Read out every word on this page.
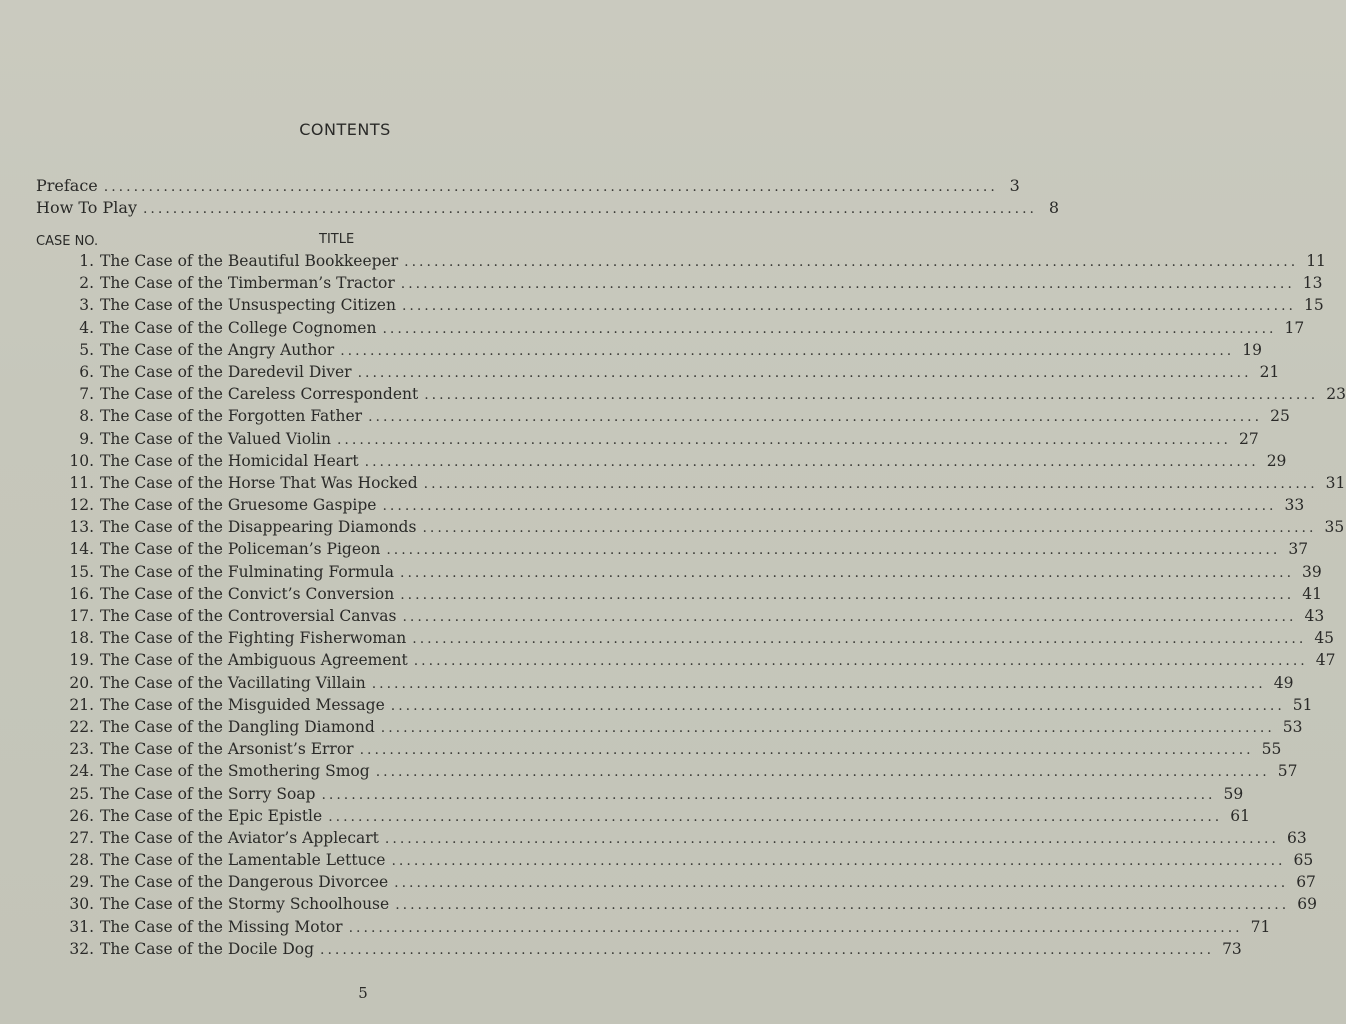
CONTENTS
Preface ........................................................................................................................ 3
How To Play ........................................................................................................................ 8
CASE NO.	TITLE
1. The Case of the Beautiful Bookkeeper ........................................................................................................................ 11
2. The Case of the Timberman’s Tractor ........................................................................................................................ 13
3. The Case of the Unsuspecting Citizen ........................................................................................................................ 15
4. The Case of the College Cognomen ........................................................................................................................ 17
5. The Case of the Angry Author ........................................................................................................................ 19
6. The Case of the Daredevil Diver ........................................................................................................................ 21
7. The Case of the Careless Correspondent ........................................................................................................................ 23
8. The Case of the Forgotten Father ........................................................................................................................ 25
9. The Case of the Valued Violin ........................................................................................................................ 27
10. The Case of the Homicidal Heart ........................................................................................................................ 29
11. The Case of the Horse That Was Hocked ........................................................................................................................ 31
12. The Case of the Gruesome Gaspipe ........................................................................................................................ 33
13. The Case of the Disappearing Diamonds ........................................................................................................................ 35
14. The Case of the Policeman’s Pigeon ........................................................................................................................ 37
15. The Case of the Fulminating Formula ........................................................................................................................ 39
16. The Case of the Convict’s Conversion ........................................................................................................................ 41
17. The Case of the Controversial Canvas ........................................................................................................................ 43
18. The Case of the Fighting Fisherwoman ........................................................................................................................ 45
19. The Case of the Ambiguous Agreement ........................................................................................................................ 47
20. The Case of the Vacillating Villain ........................................................................................................................ 49
21. The Case of the Misguided Message ........................................................................................................................ 51
22. The Case of the Dangling Diamond ........................................................................................................................ 53
23. The Case of the Arsonist’s Error ........................................................................................................................ 55
24. The Case of the Smothering Smog ........................................................................................................................ 57
25. The Case of the Sorry Soap ........................................................................................................................ 59
26. The Case of the Epic Epistle ........................................................................................................................ 61
27. The Case of the Aviator’s Applecart ........................................................................................................................ 63
28. The Case of the Lamentable Lettuce ........................................................................................................................ 65
29. The Case of the Dangerous Divorcee ........................................................................................................................ 67
30. The Case of the Stormy Schoolhouse ........................................................................................................................ 69
31. The Case of the Missing Motor ........................................................................................................................ 71
32. The Case of the Docile Dog ........................................................................................................................ 73
5
